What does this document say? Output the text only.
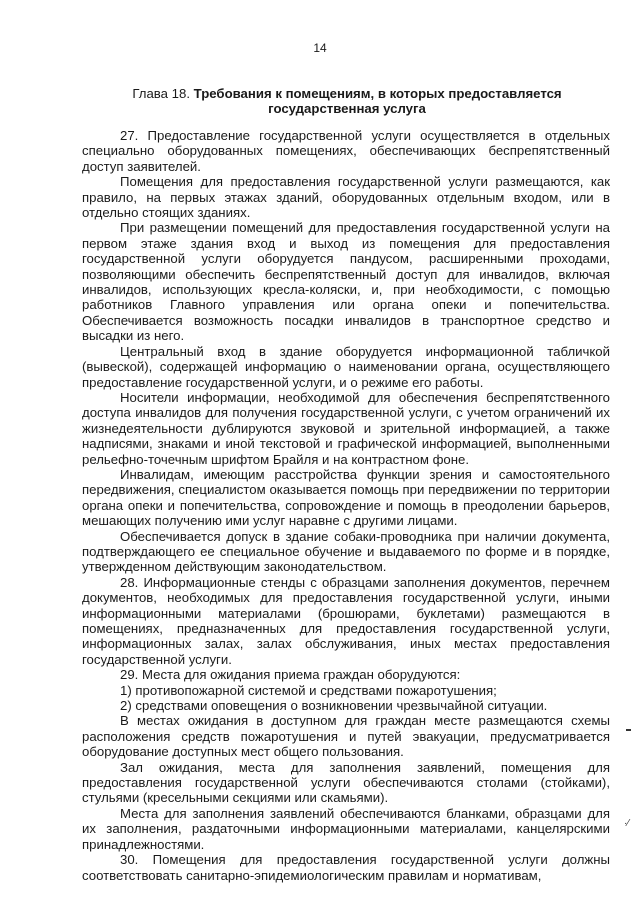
14
Глава 18. Требования к помещениям, в которых предоставляется государственная услуга

27. Предоставление государственной услуги осуществляется в отдельных специально оборудованных помещениях, обеспечивающих беспрепятственный доступ заявителей.

Помещения для предоставления государственной услуги размещаются, как правило, на первых этажах зданий, оборудованных отдельным входом, или в отдельно стоящих зданиях.

При размещении помещений для предоставления государственной услуги на первом этаже здания вход и выход из помещения для предоставления государственной услуги оборудуется пандусом, расширенными проходами, позволяющими обеспечить беспрепятственный доступ для инвалидов, включая инвалидов, использующих кресла-коляски, и, при необходимости, с помощью работников Главного управления или органа опеки и попечительства. Обеспечивается возможность посадки инвалидов в транспортное средство и высадки из него.

Центральный вход в здание оборудуется информационной табличкой (вывеской), содержащей информацию о наименовании органа, осуществляющего предоставление государственной услуги, и о режиме его работы.

Носители информации, необходимой для обеспечения беспрепятственного доступа инвалидов для получения государственной услуги, с учетом ограничений их жизнедеятельности дублируются звуковой и зрительной информацией, а также надписями, знаками и иной текстовой и графической информацией, выполненными рельефно-точечным шрифтом Брайля и на контрастном фоне.

Инвалидам, имеющим расстройства функции зрения и самостоятельного передвижения, специалистом оказывается помощь при передвижении по территории органа опеки и попечительства, сопровождение и помощь в преодолении барьеров, мешающих получению ими услуг наравне с другими лицами.

Обеспечивается допуск в здание собаки-проводника при наличии документа, подтверждающего ее специальное обучение и выдаваемого по форме и в порядке, утвержденном действующим законодательством.

28. Информационные стенды с образцами заполнения документов, перечнем документов, необходимых для предоставления государственной услуги, иными информационными материалами (брошюрами, буклетами) размещаются в помещениях, предназначенных для предоставления государственной услуги, информационных залах, залах обслуживания, иных местах предоставления государственной услуги.

29. Места для ожидания приема граждан оборудуются:

1) противопожарной системой и средствами пожаротушения;

2) средствами оповещения о возникновении чрезвычайной ситуации.

В местах ожидания в доступном для граждан месте размещаются схемы расположения средств пожаротушения и путей эвакуации, предусматривается оборудование доступных мест общего пользования.

Зал ожидания, места для заполнения заявлений, помещения для предоставления государственной услуги обеспечиваются столами (стойками), стульями (кресельными секциями или скамьями).

Места для заполнения заявлений обеспечиваются бланками, образцами для их заполнения, раздаточными информационными материалами, канцелярскими принадлежностями.

30. Помещения для предоставления государственной услуги должны соответствовать санитарно-эпидемиологическим правилам и нормативам,

·⁄
